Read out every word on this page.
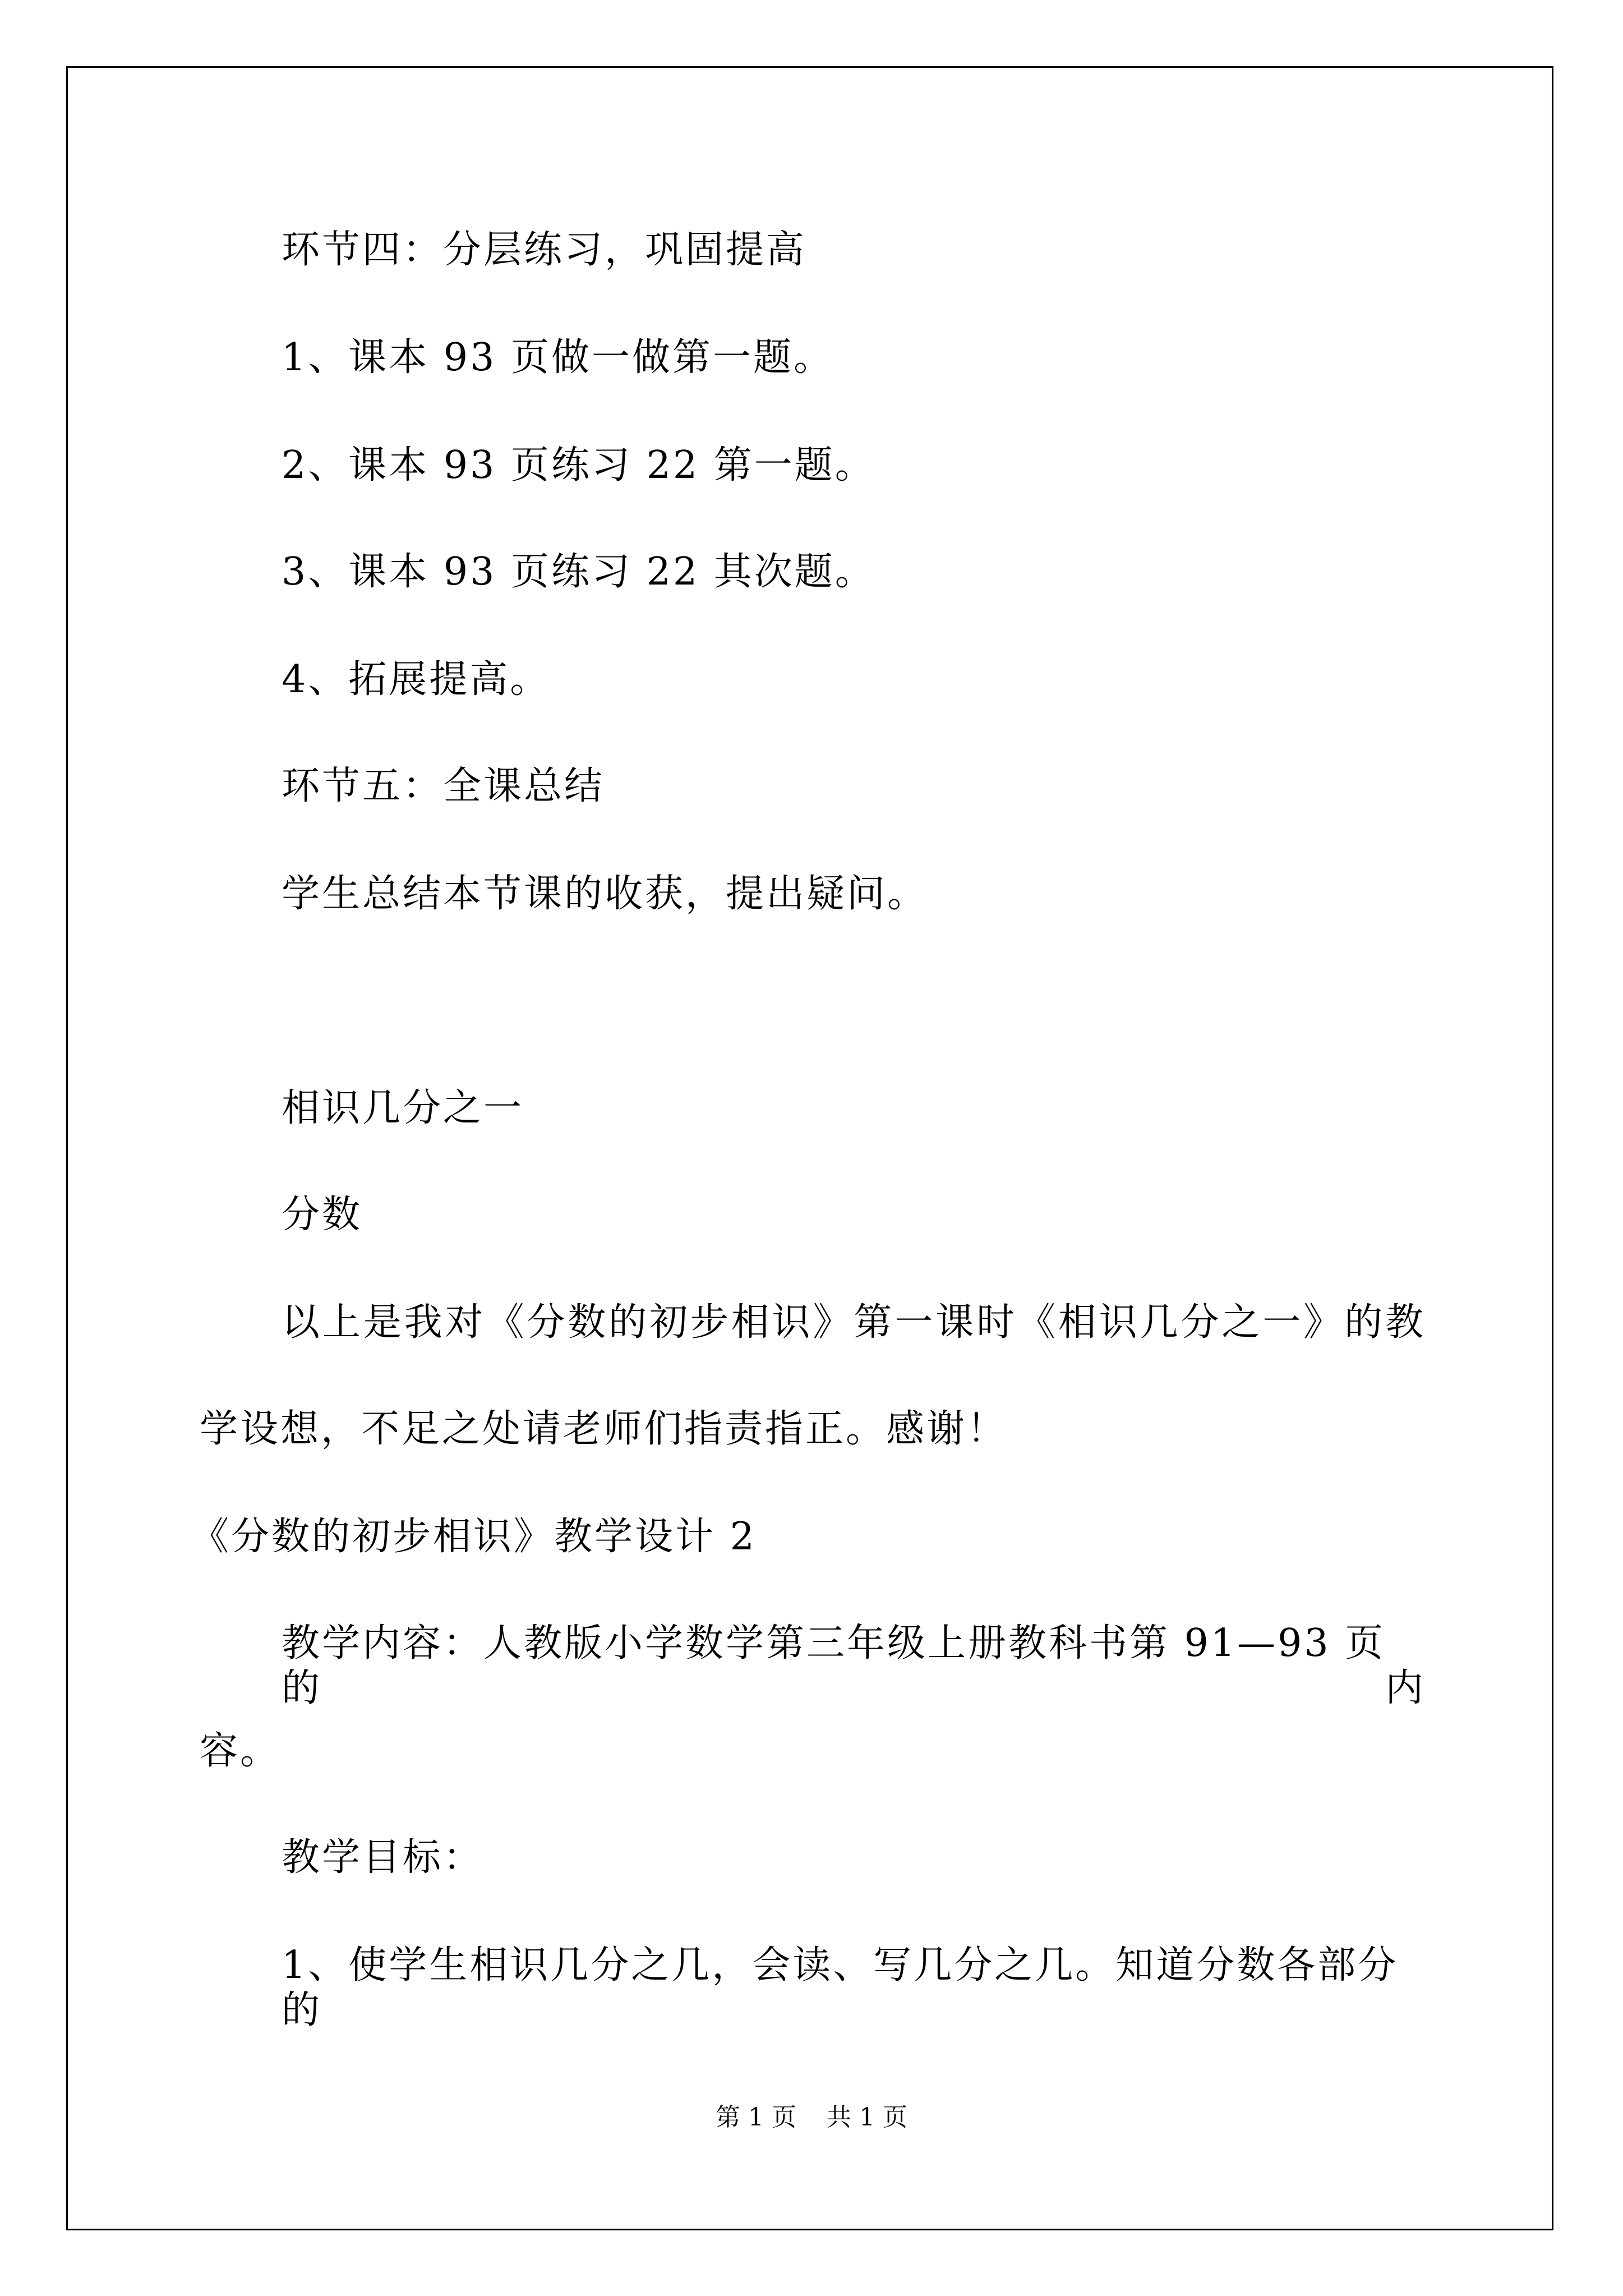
环节四：分层练习，巩固提高
1、课本 93 页做一做第一题。
2、课本 93 页练习 22 第一题。
3、课本 93 页练习 22 其次题。
4、拓展提高。
环节五：全课总结
学生总结本节课的收获，提出疑问。
相识几分之一
分数
以上是我对《分数的初步相识》第一课时《相识几分之一》的教
学设想，不足之处请老师们指责指正。感谢！
《分数的初步相识》教学设计 2
教学内容：人教版小学数学第三年级上册教科书第 91—93 页的内
容。
教学目标：
1、使学生相识几分之几，会读、写几分之几。知道分数各部分的
第 1 页 共 1 页
